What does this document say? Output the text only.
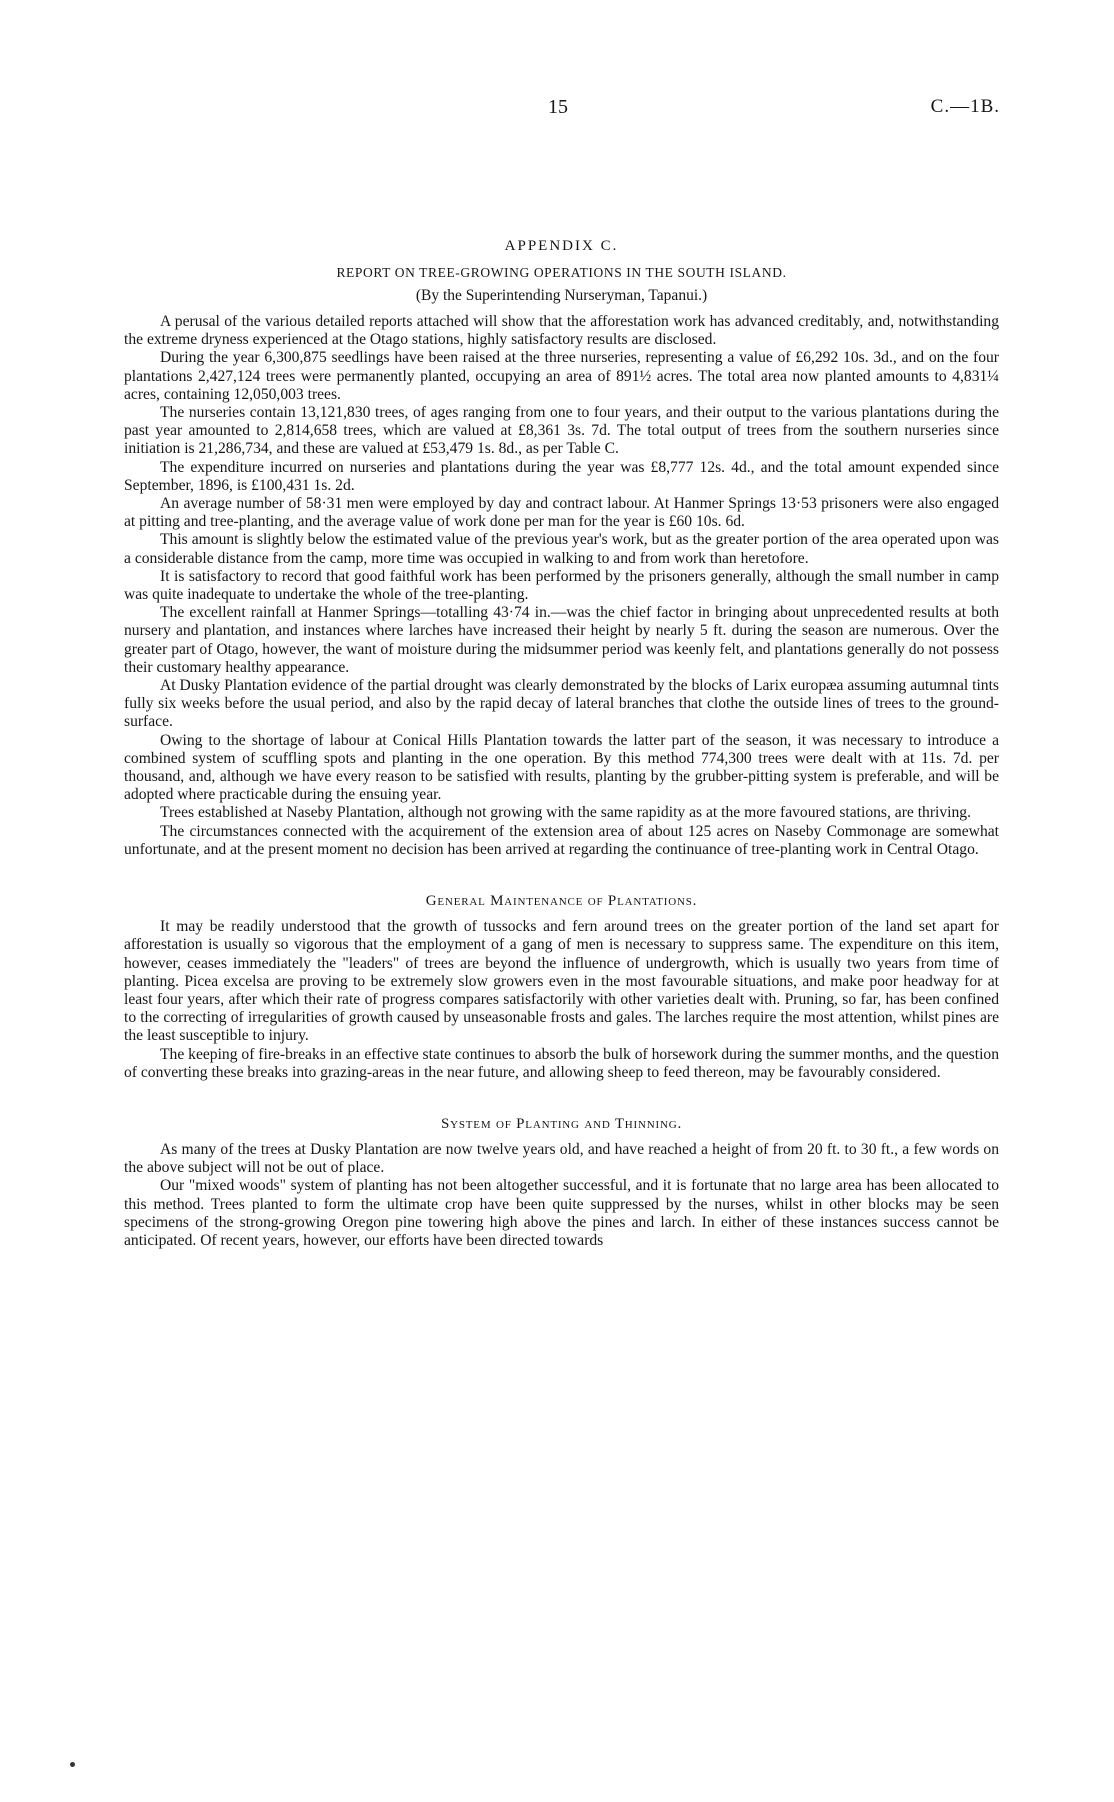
15	C.—1B.
APPENDIX C.
REPORT ON TREE-GROWING OPERATIONS IN THE SOUTH ISLAND.
(By the Superintending Nurseryman, Tapanui.)

A perusal of the various detailed reports attached will show that the afforestation work has advanced creditably, and, notwithstanding the extreme dryness experienced at the Otago stations, highly satisfactory results are disclosed.

During the year 6,300,875 seedlings have been raised at the three nurseries, representing a value of £6,292 10s. 3d., and on the four plantations 2,427,124 trees were permanently planted, occupying an area of 891½ acres. The total area now planted amounts to 4,831¼ acres, containing 12,050,003 trees.

The nurseries contain 13,121,830 trees, of ages ranging from one to four years, and their output to the various plantations during the past year amounted to 2,814,658 trees, which are valued at £8,361 3s. 7d. The total output of trees from the southern nurseries since initiation is 21,286,734, and these are valued at £53,479 1s. 8d., as per Table C.

The expenditure incurred on nurseries and plantations during the year was £8,777 12s. 4d., and the total amount expended since September, 1896, is £100,431 1s. 2d.

An average number of 58·31 men were employed by day and contract labour. At Hanmer Springs 13·53 prisoners were also engaged at pitting and tree-planting, and the average value of work done per man for the year is £60 10s. 6d.

This amount is slightly below the estimated value of the previous year's work, but as the greater portion of the area operated upon was a considerable distance from the camp, more time was occupied in walking to and from work than heretofore.

It is satisfactory to record that good faithful work has been performed by the prisoners generally, although the small number in camp was quite inadequate to undertake the whole of the tree-planting.

The excellent rainfall at Hanmer Springs—totalling 43·74 in.—was the chief factor in bringing about unprecedented results at both nursery and plantation, and instances where larches have increased their height by nearly 5 ft. during the season are numerous. Over the greater part of Otago, however, the want of moisture during the midsummer period was keenly felt, and plantations generally do not possess their customary healthy appearance.

At Dusky Plantation evidence of the partial drought was clearly demonstrated by the blocks of Larix europæa assuming autumnal tints fully six weeks before the usual period, and also by the rapid decay of lateral branches that clothe the outside lines of trees to the ground-surface.

Owing to the shortage of labour at Conical Hills Plantation towards the latter part of the season, it was necessary to introduce a combined system of scuffling spots and planting in the one operation. By this method 774,300 trees were dealt with at 11s. 7d. per thousand, and, although we have every reason to be satisfied with results, planting by the grubber-pitting system is preferable, and will be adopted where practicable during the ensuing year.

Trees established at Naseby Plantation, although not growing with the same rapidity as at the more favoured stations, are thriving.

The circumstances connected with the acquirement of the extension area of about 125 acres on Naseby Commonage are somewhat unfortunate, and at the present moment no decision has been arrived at regarding the continuance of tree-planting work in Central Otago.

General Maintenance of Plantations.

It may be readily understood that the growth of tussocks and fern around trees on the greater portion of the land set apart for afforestation is usually so vigorous that the employment of a gang of men is necessary to suppress same. The expenditure on this item, however, ceases immediately the "leaders" of trees are beyond the influence of undergrowth, which is usually two years from time of planting. Picea excelsa are proving to be extremely slow growers even in the most favourable situations, and make poor headway for at least four years, after which their rate of progress compares satisfactorily with other varieties dealt with. Pruning, so far, has been confined to the correcting of irregularities of growth caused by unseasonable frosts and gales. The larches require the most attention, whilst pines are the least susceptible to injury.

The keeping of fire-breaks in an effective state continues to absorb the bulk of horsework during the summer months, and the question of converting these breaks into grazing-areas in the near future, and allowing sheep to feed thereon, may be favourably considered.

System of Planting and Thinning.

As many of the trees at Dusky Plantation are now twelve years old, and have reached a height of from 20 ft. to 30 ft., a few words on the above subject will not be out of place.

Our "mixed woods" system of planting has not been altogether successful, and it is fortunate that no large area has been allocated to this method. Trees planted to form the ultimate crop have been quite suppressed by the nurses, whilst in other blocks may be seen specimens of the strong-growing Oregon pine towering high above the pines and larch. In either of these instances success cannot be anticipated. Of recent years, however, our efforts have been directed towards
